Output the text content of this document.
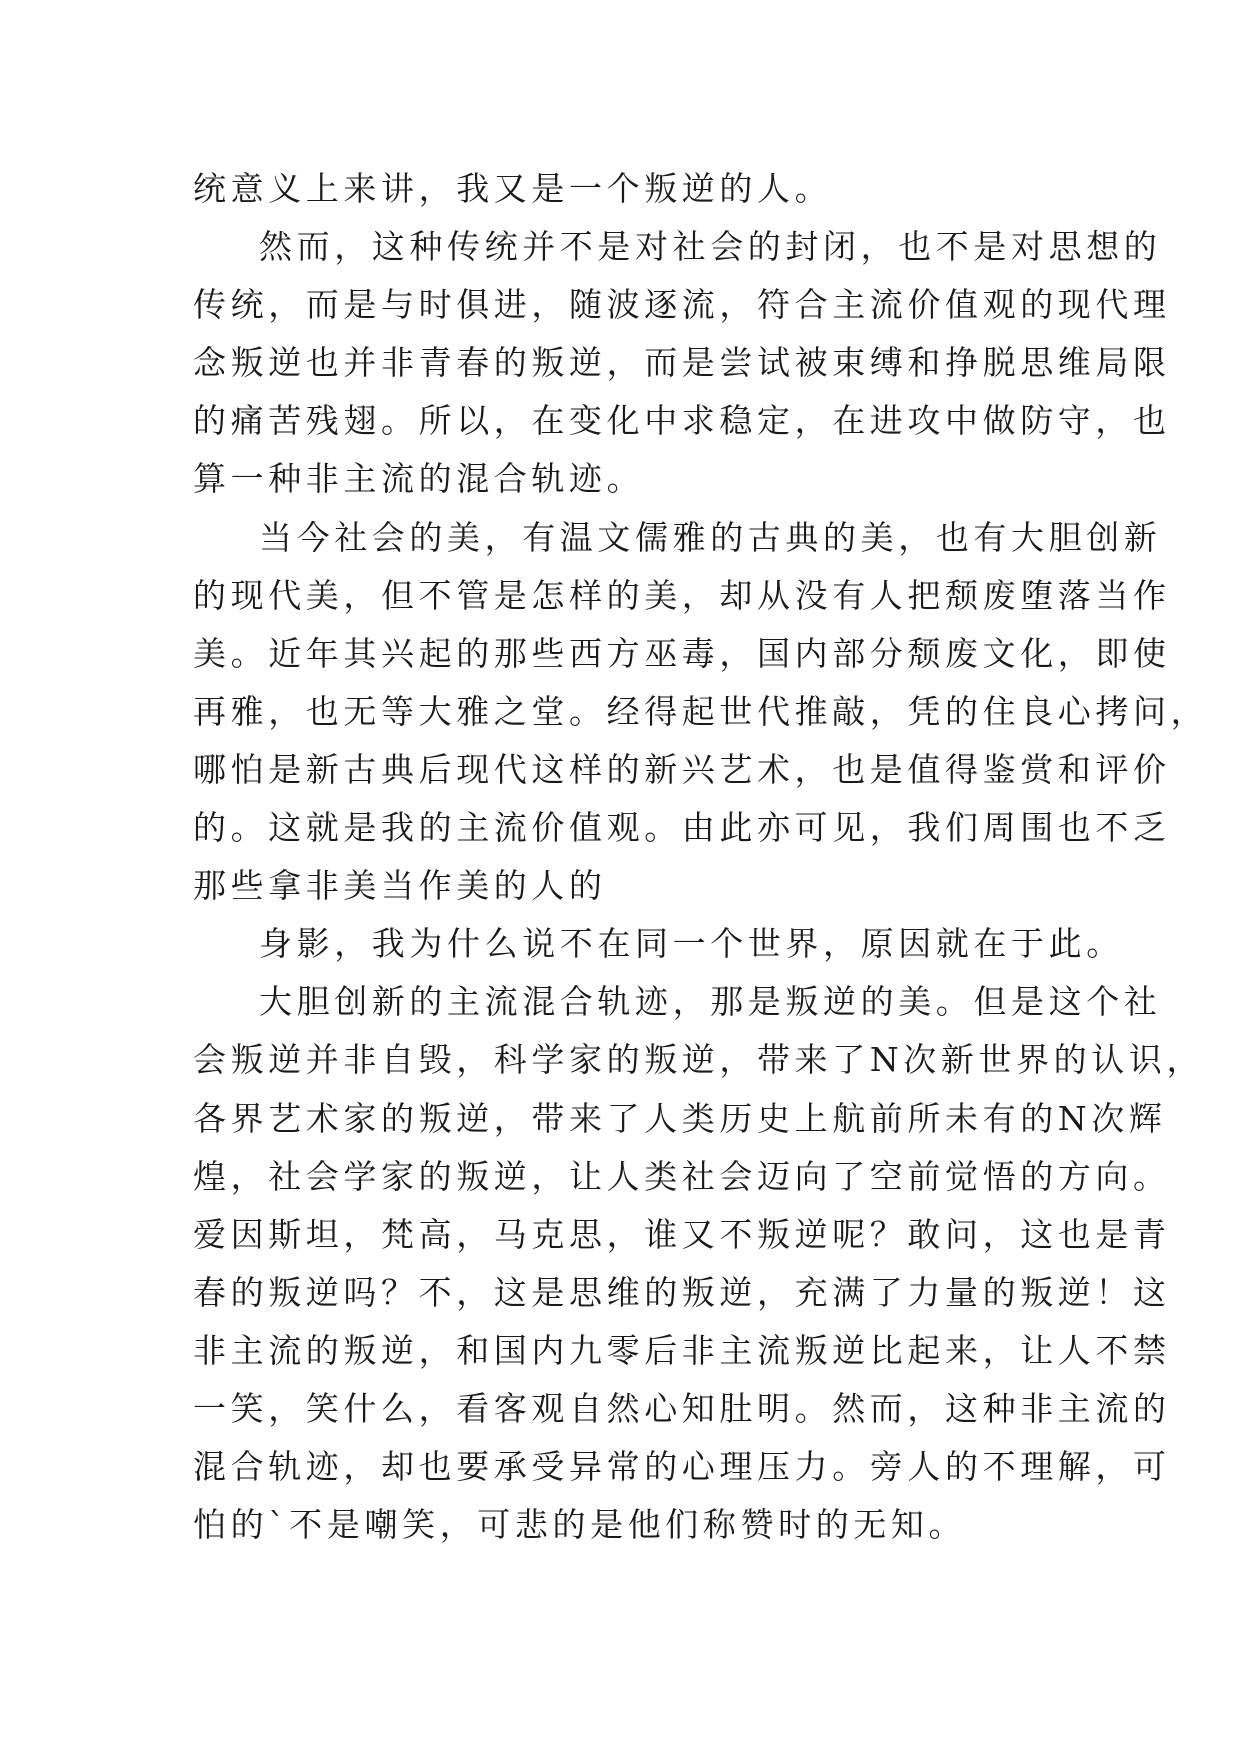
统意义上来讲，我又是一个叛逆的人。
然而，这种传统并不是对社会的封闭，也不是对思想的
传统，而是与时俱进，随波逐流，符合主流价值观的现代理
念叛逆也并非青春的叛逆，而是尝试被束缚和挣脱思维局限
的痛苦残翅。所以，在变化中求稳定，在进攻中做防守，也
算一种非主流的混合轨迹。
当今社会的美，有温文儒雅的古典的美，也有大胆创新
的现代美，但不管是怎样的美，却从没有人把颓废堕落当作
美。近年其兴起的那些西方巫毒，国内部分颓废文化，即使
再雅，也无等大雅之堂。经得起世代推敲，凭的住良心拷问，
哪怕是新古典后现代这样的新兴艺术，也是值得鉴赏和评价
的。这就是我的主流价值观。由此亦可见，我们周围也不乏
那些拿非美当作美的人的
身影，我为什么说不在同一个世界，原因就在于此。
大胆创新的主流混合轨迹，那是叛逆的美。但是这个社
会叛逆并非自毁，科学家的叛逆，带来了N次新世界的认识，
各界艺术家的叛逆，带来了人类历史上航前所未有的N次辉
煌，社会学家的叛逆，让人类社会迈向了空前觉悟的方向。
爱因斯坦，梵高，马克思，谁又不叛逆呢？敢问，这也是青
春的叛逆吗？不，这是思维的叛逆，充满了力量的叛逆！这
非主流的叛逆，和国内九零后非主流叛逆比起来，让人不禁
一笑，笑什么，看客观自然心知肚明。然而，这种非主流的
混合轨迹，却也要承受异常的心理压力。旁人的不理解，可
怕的`不是嘲笑，可悲的是他们称赞时的无知。
